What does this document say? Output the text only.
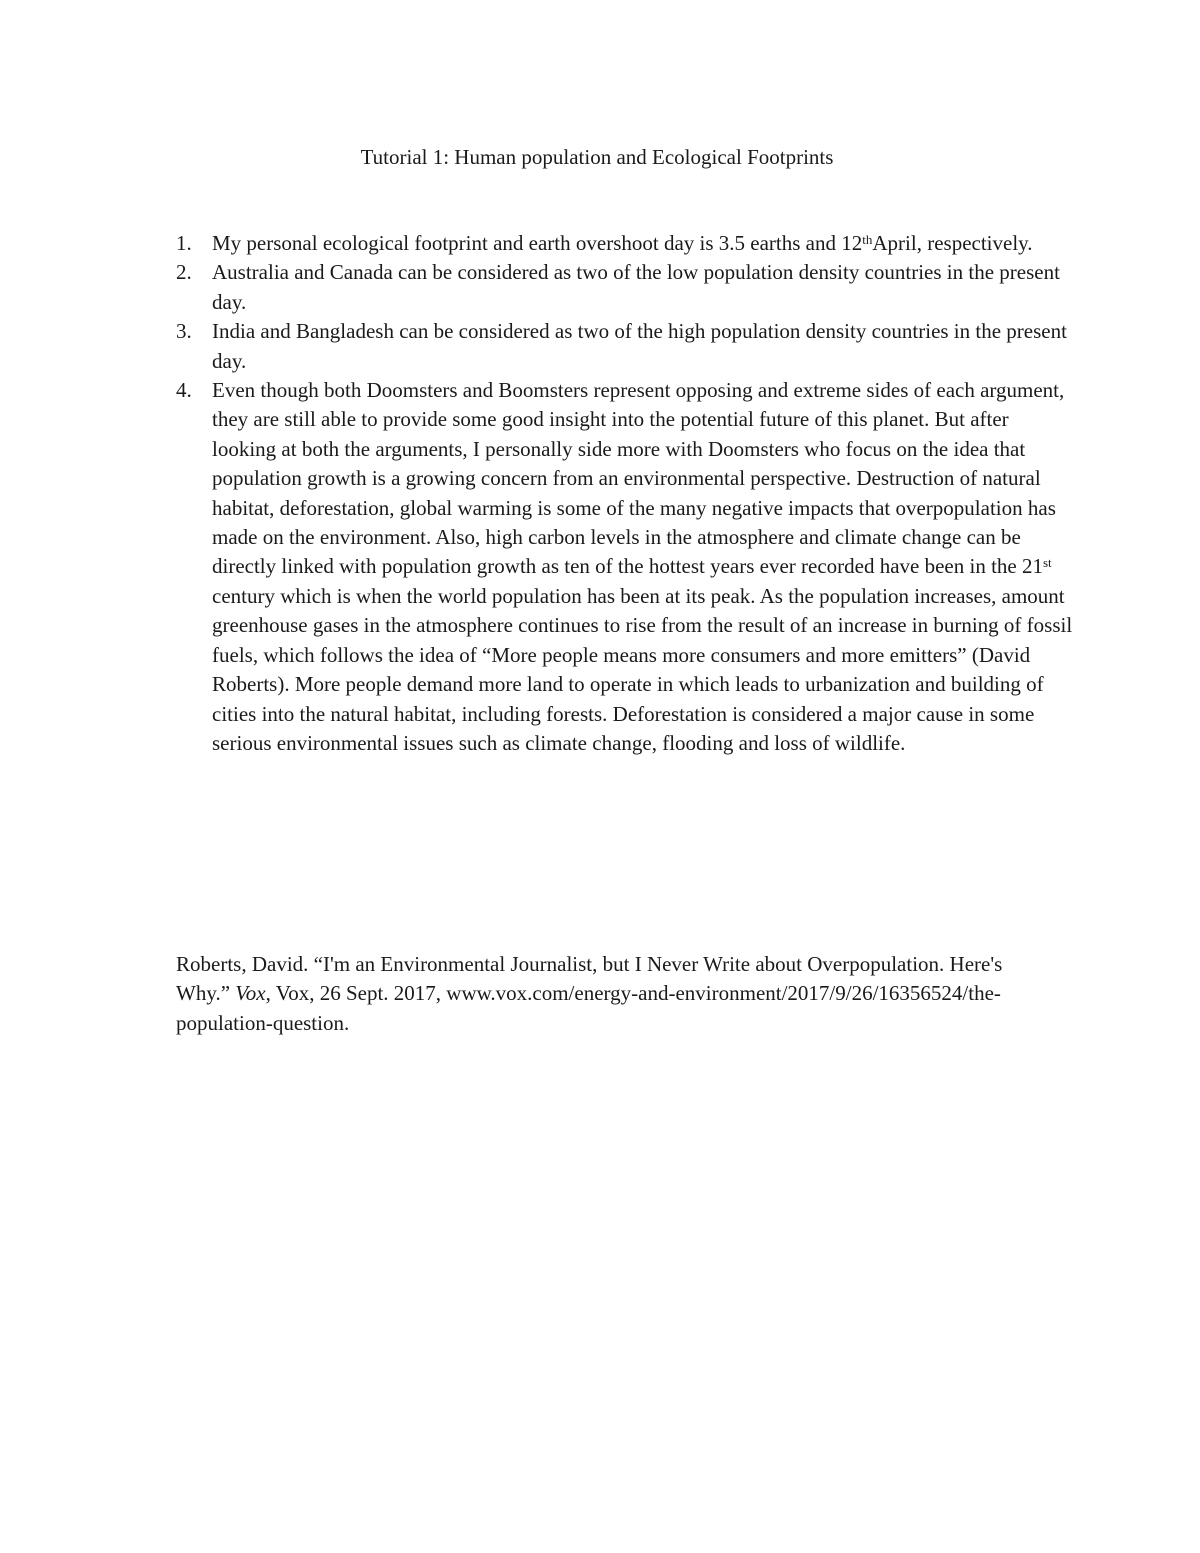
Tutorial 1: Human population and Ecological Footprints
1. My personal ecological footprint and earth overshoot day is 3.5 earths and 12thApril, respectively.
2. Australia and Canada can be considered as two of the low population density countries in the present day.
3. India and Bangladesh can be considered as two of the high population density countries in the present day.
4. Even though both Doomsters and Boomsters represent opposing and extreme sides of each argument, they are still able to provide some good insight into the potential future of this planet. But after looking at both the arguments, I personally side more with Doomsters who focus on the idea that population growth is a growing concern from an environmental perspective. Destruction of natural habitat, deforestation, global warming is some of the many negative impacts that overpopulation has made on the environment. Also, high carbon levels in the atmosphere and climate change can be directly linked with population growth as ten of the hottest years ever recorded have been in the 21st century which is when the world population has been at its peak. As the population increases, amount greenhouse gases in the atmosphere continues to rise from the result of an increase in burning of fossil fuels, which follows the idea of “More people means more consumers and more emitters” (David Roberts). More people demand more land to operate in which leads to urbanization and building of cities into the natural habitat, including forests. Deforestation is considered a major cause in some serious environmental issues such as climate change, flooding and loss of wildlife.
Roberts, David. “I'm an Environmental Journalist, but I Never Write about Overpopulation. Here's Why.” Vox, Vox, 26 Sept. 2017, www.vox.com/energy-and-environment/2017/9/26/16356524/the-population-question.
